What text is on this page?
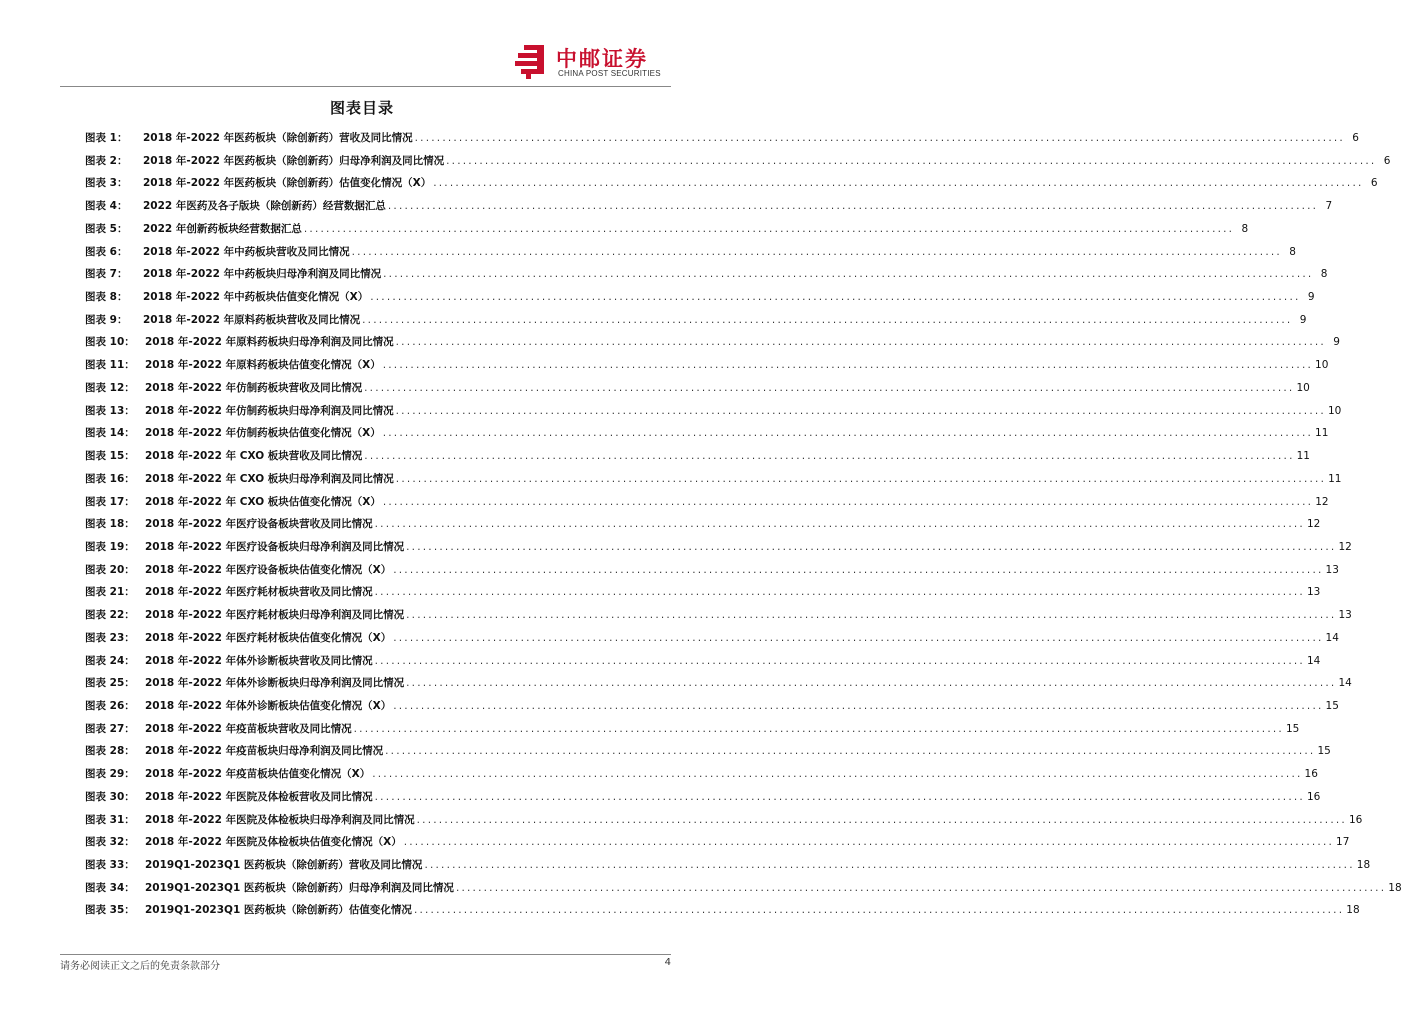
中邮证券
CHINA POST SECURITIES
图表目录
图表 1：	2018 年-2022 年医药板块（除创新药）营收及同比情况 .....	6
图表 2：	2018 年-2022 年医药板块（除创新药）归母净利润及同比情况 .....	6
图表 3：	2018 年-2022 年医药板块（除创新药）估值变化情况（X） .....	6
图表 4：	2022 年医药及各子版块（除创新药）经营数据汇总 .....	7
图表 5：	2022 年创新药板块经营数据汇总 .....	8
图表 6：	2018 年-2022 年中药板块营收及同比情况 .....	8
图表 7：	2018 年-2022 年中药板块归母净利润及同比情况 .....	8
图表 8：	2018 年-2022 年中药板块估值变化情况（X） .....	9
图表 9：	2018 年-2022 年原料药板块营收及同比情况 .....	9
图表 10： 2018 年-2022 年原料药板块归母净利润及同比情况 .....	9
图表 11： 2018 年-2022 年原料药板块估值变化情况（X） .....	10
图表 12： 2018 年-2022 年仿制药板块营收及同比情况 .....	10
图表 13： 2018 年-2022 年仿制药板块归母净利润及同比情况 .....	10
图表 14： 2018 年-2022 年仿制药板块估值变化情况（X） .....	11
图表 15： 2018 年-2022 年 CXO 板块营收及同比情况 .....	11
图表 16： 2018 年-2022 年 CXO 板块归母净利润及同比情况 .....	11
图表 17： 2018 年-2022 年 CXO 板块估值变化情况（X） .....	12
图表 18： 2018 年-2022 年医疗设备板块营收及同比情况 .....	12
图表 19： 2018 年-2022 年医疗设备板块归母净利润及同比情况 .....	12
图表 20： 2018 年-2022 年医疗设备板块估值变化情况（X） .....	13
图表 21： 2018 年-2022 年医疗耗材板块营收及同比情况 .....	13
图表 22： 2018 年-2022 年医疗耗材板块归母净利润及同比情况 .....	13
图表 23： 2018 年-2022 年医疗耗材板块估值变化情况（X） .....	14
图表 24： 2018 年-2022 年体外诊断板块营收及同比情况 .....	14
图表 25： 2018 年-2022 年体外诊断板块归母净利润及同比情况 .....	14
图表 26： 2018 年-2022 年体外诊断板块估值变化情况（X） .....	15
图表 27： 2018 年-2022 年疫苗板块营收及同比情况 .....	15
图表 28： 2018 年-2022 年疫苗板块归母净利润及同比情况 .....	15
图表 29： 2018 年-2022 年疫苗板块估值变化情况（X） .....	16
图表 30： 2018 年-2022 年医院及体检板营收及同比情况 .....	16
图表 31： 2018 年-2022 年医院及体检板块归母净利润及同比情况 .....	16
图表 32： 2018 年-2022 年医院及体检板块估值变化情况（X） .....	17
图表 33： 2019Q1-2023Q1 医药板块（除创新药）营收及同比情况 .....	18
图表 34： 2019Q1-2023Q1 医药板块（除创新药）归母净利润及同比情况 .....	18
图表 35： 2019Q1-2023Q1 医药板块（除创新药）估值变化情况 .....	18
请务必阅读正文之后的免责条款部分	4
